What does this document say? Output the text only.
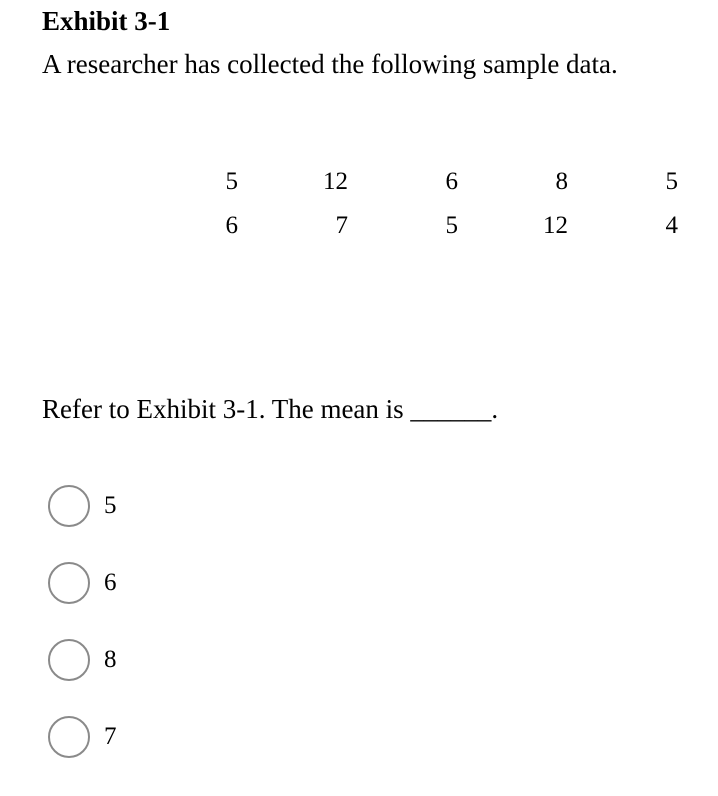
Exhibit 3-1

A researcher has collected the following sample data.

5	12	6	8	5
6	7	5	12	4

Refer to Exhibit 3-1. The mean is ______.

5
6
8
7
